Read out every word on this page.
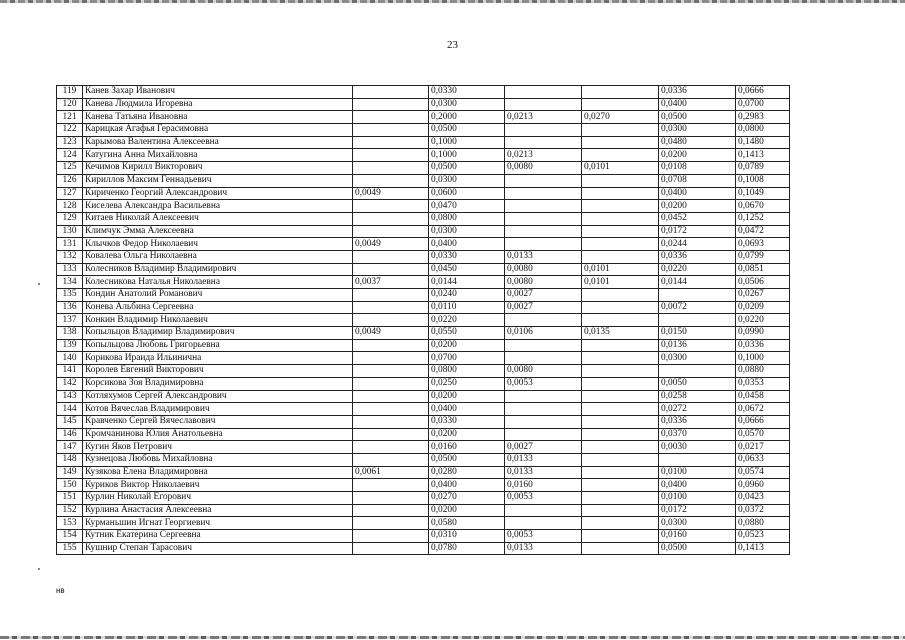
23
119	Канев Захар Иванович		0,0330			0,0336	0,0666
120	Канева Людмила Игоревна		0,0300			0,0400	0,0700
121	Канева Татьяна Ивановна		0,2000	0,0213	0,0270	0,0500	0,2983
122	Карицкая Агафья Герасимовна		0,0500			0,0300	0,0800
123	Карымова Валентина Алексеевна		0,1000			0,0480	0,1480
124	Катугина Анна Михайловна		0,1000	0,0213		0,0200	0,1413
125	Кечимов Кирилл Викторович		0,0500	0,0080	0,0101	0,0108	0,0789
126	Кириллов Максим Геннадьевич		0,0300			0,0708	0,1008
127	Кириченко Георгий Александрович	0,0049	0,0600			0,0400	0,1049
128	Киселева Александра Васильевна		0,0470			0,0200	0,0670
129	Китаев Николай Алексеевич		0,0800			0,0452	0,1252
130	Климчук Эмма Алексеевна		0,0300			0,0172	0,0472
131	Клычков Федор Николаевич	0,0049	0,0400			0,0244	0,0693
132	Ковалева Ольга Николаевна		0,0330	0,0133		0,0336	0,0799
133	Колесников Владимир Владимирович		0,0450	0,0080	0,0101	0,0220	0,0851
134	Колесникова Наталья Николаевна	0,0037	0,0144	0,0080	0,0101	0,0144	0,0506
135	Кондин Анатолий Романович		0,0240	0,0027			0,0267
136	Конева Альбина Сергеевна		0,0110	0,0027		0,0072	0,0209
137	Конкин Владимир Николаевич		0,0220				0,0220
138	Копыльцов Владимир Владимирович	0,0049	0,0550	0,0106	0,0135	0,0150	0,0990
139	Копыльцова Любовь Григорьевна		0,0200			0,0136	0,0336
140	Корикова Ираида Ильинична		0,0700			0,0300	0,1000
141	Королев Евгений Викторович		0,0800	0,0080			0,0880
142	Корсикова Зоя Владимировна		0,0250	0,0053		0,0050	0,0353
143	Котляхумов Сергей Александрович		0,0200			0,0258	0,0458
144	Котов Вячеслав Владимирович		0,0400			0,0272	0,0672
145	Кравченко Сергей Вячеславович		0,0330			0,0336	0,0666
146	Кромчанинова Юлия Анатольевна		0,0200			0,0370	0,0570
147	Кугин Яков Петрович		0,0160	0,0027		0,0030	0,0217
148	Кузнецова Любовь Михайловна		0,0500	0,0133			0,0633
149	Кузякова Елена Владимировна	0,0061	0,0280	0,0133		0,0100	0,0574
150	Куриков Виктор Николаевич		0,0400	0,0160		0,0400	0,0960
151	Курлин Николай Егорович		0,0270	0,0053		0,0100	0,0423
152	Курлина Анастасия Алексеевна		0,0200			0,0172	0,0372
153	Курманьшин Игнат Георгиевич		0,0580			0,0300	0,0880
154	Кутник Екатерина Сергеевна		0,0310	0,0053		0,0160	0,0523
155	Кушнир Степан Тарасович		0,0780	0,0133		0,0500	0,1413
нв
